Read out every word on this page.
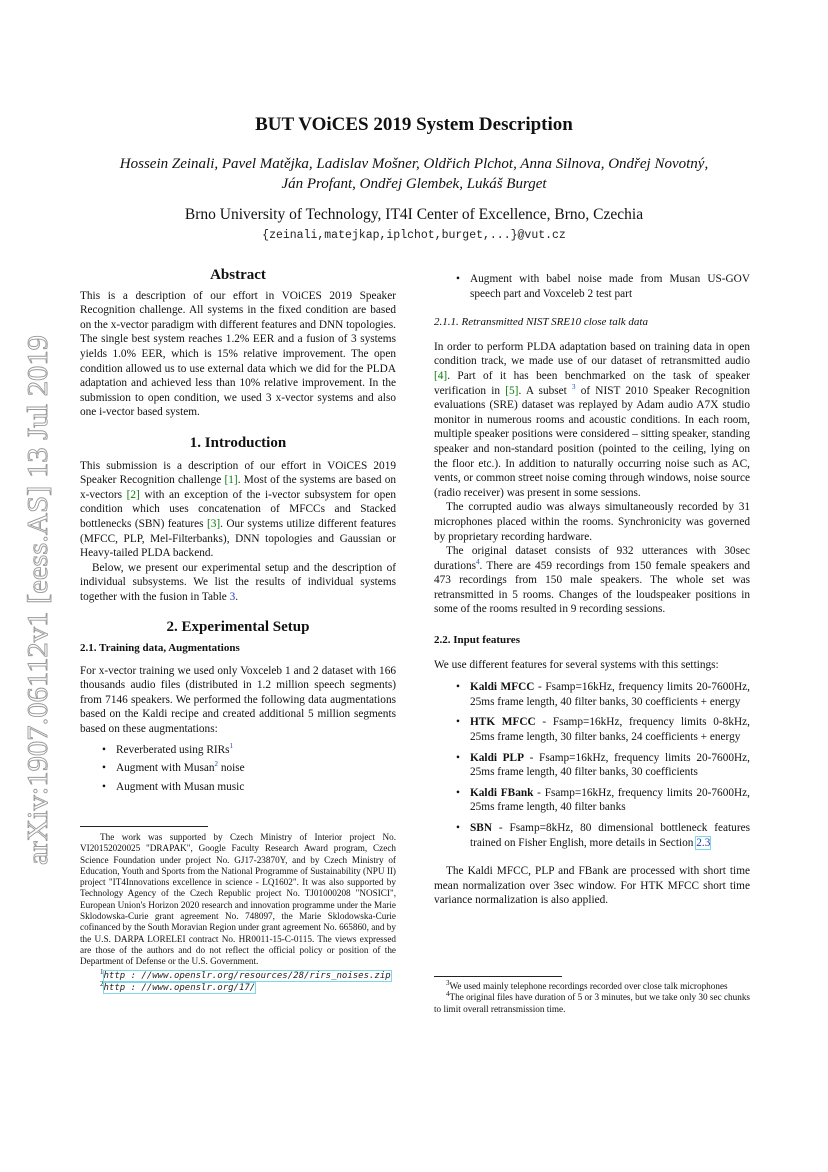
arXiv:1907.06112v1 [eess.AS] 13 Jul 2019
BUT VOiCES 2019 System Description
Hossein Zeinali, Pavel Matějka, Ladislav Mošner, Oldřich Plchot, Anna Silnova, Ondřej Novotný,
Ján Profant, Ondřej Glembek, Lukáš Burget
Brno University of Technology, IT4I Center of Excellence, Brno, Czechia
{zeinali,matejkap,iplchot,burget,...}@vut.cz
Abstract

This is a description of our effort in VOiCES 2019 Speaker Recognition challenge. All systems in the fixed condition are based on the x-vector paradigm with different features and DNN topologies. The single best system reaches 1.2% EER and a fusion of 3 systems yields 1.0% EER, which is 15% relative improvement. The open condition allowed us to use external data which we did for the PLDA adaptation and achieved less than 10% relative improvement. In the submission to open condition, we used 3 x-vector systems and also one i-vector based system.

1. Introduction

This submission is a description of our effort in VOiCES 2019 Speaker Recognition challenge [1]. Most of the systems are based on x-vectors [2] with an exception of the i-vector subsystem for open condition which uses concatenation of MFCCs and Stacked bottlenecks (SBN) features [3]. Our systems utilize different features (MFCC, PLP, Mel-Filterbanks), DNN topologies and Gaussian or Heavy-tailed PLDA backend.

Below, we present our experimental setup and the description of individual subsystems. We list the results of individual systems together with the fusion in Table 3.

2. Experimental Setup
2.1. Training data, Augmentations

For x-vector training we used only Voxceleb 1 and 2 dataset with 166 thousands audio files (distributed in 1.2 million speech segments) from 7146 speakers. We performed the following data augmentations based on the Kaldi recipe and created additional 5 million segments based on these augmentations:

• Reverberated using RIRs$^1$
• Augment with Musan$^2$ noise
• Augment with Musan music

The work was supported by Czech Ministry of Interior project No. VI20152020025 "DRAPAK", Google Faculty Research Award program, Czech Science Foundation under project No. GJ17-23870Y, and by Czech Ministry of Education, Youth and Sports from the National Programme of Sustainability (NPU II) project "IT4Innovations excellence in science - LQ1602". It was also supported by Technology Agency of the Czech Republic project No. TJ01000208 "NOSICI", European Union's Horizon 2020 research and innovation programme under the Marie Sklodowska-Curie grant agreement No. 748097, the Marie Sklodowska-Curie cofinanced by the South Moravian Region under grant agreement No. 665860, and by the U.S. DARPA LORELEI contract No. HR0011-15-C-0115. The views expressed are those of the authors and do not reflect the official policy or position of the Department of Defense or the U.S. Government.

$^1$http : //www.openslr.org/resources/28/rirs_noises.zip

$^2$http : //www.openslr.org/17/

• Augment with babel noise made from Musan US-GOV speech part and Voxceleb 2 test part
2.1.1. Retransmitted NIST SRE10 close talk data

In order to perform PLDA adaptation based on training data in open condition track, we made use of our dataset of retransmitted audio [4]. Part of it has been benchmarked on the task of speaker verification in [5]. A subset $^3$ of NIST 2010 Speaker Recognition evaluations (SRE) dataset was replayed by Adam audio A7X studio monitor in numerous rooms and acoustic conditions. In each room, multiple speaker positions were considered – sitting speaker, standing speaker and non-standard position (pointed to the ceiling, lying on the floor etc.). In addition to naturally occurring noise such as AC, vents, or common street noise coming through windows, noise source (radio receiver) was present in some sessions.

The corrupted audio was always simultaneously recorded by 31 microphones placed within the rooms. Synchronicity was governed by proprietary recording hardware.

The original dataset consists of 932 utterances with 30sec durations$^4$. There are 459 recordings from 150 female speakers and 473 recordings from 150 male speakers. The whole set was retransmitted in 5 rooms. Changes of the loudspeaker positions in some of the rooms resulted in 9 recording sessions.

2.2. Input features

We use different features for several systems with this settings:

• Kaldi MFCC - Fsamp=16kHz, frequency limits 20-7600Hz, 25ms frame length, 40 filter banks, 30 coefficients + energy
• HTK MFCC - Fsamp=16kHz, frequency limits 0-8kHz, 25ms frame length, 30 filter banks, 24 coefficients + energy
• Kaldi PLP - Fsamp=16kHz, frequency limits 20-7600Hz, 25ms frame length, 40 filter banks, 30 coefficients
• Kaldi FBank - Fsamp=16kHz, frequency limits 20-7600Hz, 25ms frame length, 40 filter banks
• SBN - Fsamp=8kHz, 80 dimensional bottleneck features trained on Fisher English, more details in Section 2.3

The Kaldi MFCC, PLP and FBank are processed with short time mean normalization over 3sec window. For HTK MFCC short time variance normalization is also applied.

$^3$We used mainly telephone recordings recorded over close talk microphones

$^4$The original files have duration of 5 or 3 minutes, but we take only 30 sec chunks to limit overall retransmission time.
